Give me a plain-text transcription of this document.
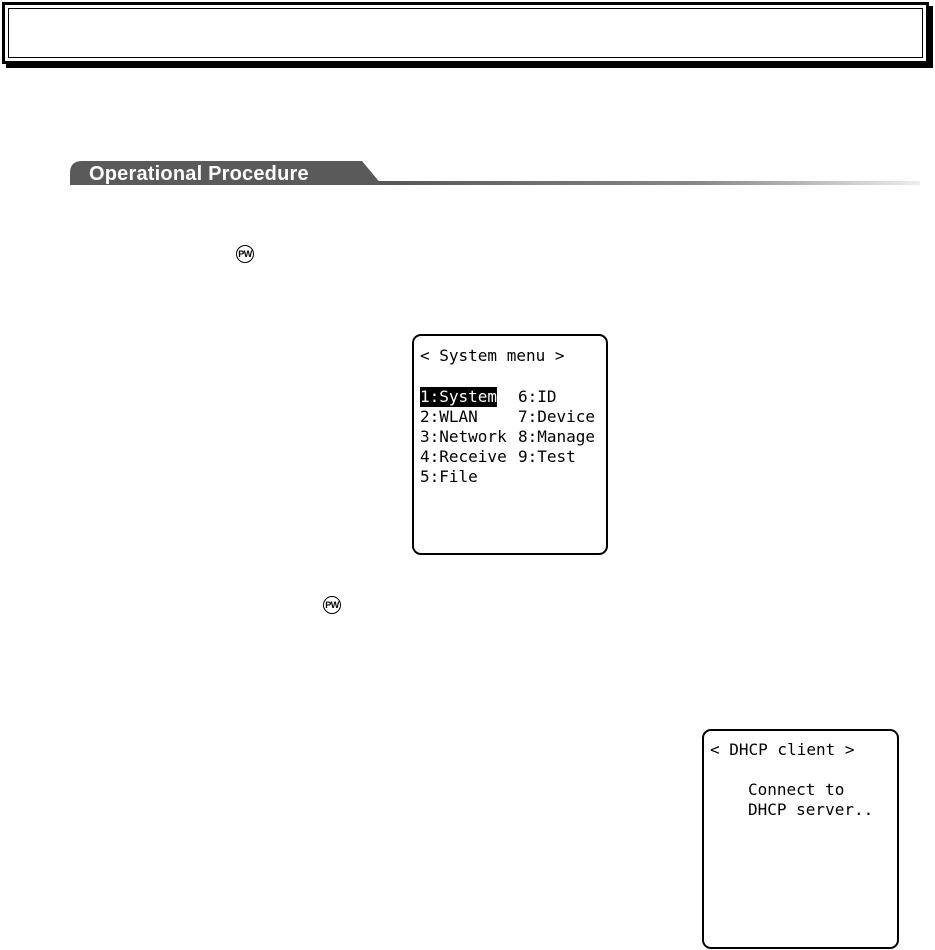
Operational Procedure
PW
< System menu >
1:System
2:WLAN
3:Network
4:Receive
5:File
6:ID
7:Device
8:Manage
9:Test
PW
< DHCP client >
Connect to
DHCP server..
